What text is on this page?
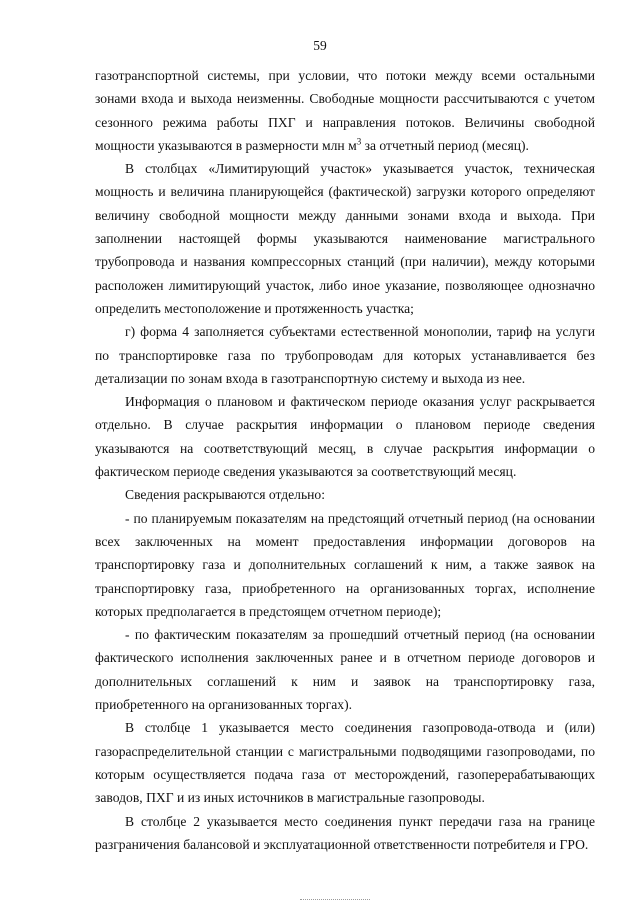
59

газотранспортной системы, при условии, что потоки между всеми остальными зонами входа и выхода неизменны. Свободные мощности рассчитываются с учетом сезонного режима работы ПХГ и направления потоков. Величины свободной мощности указываются в размерности млн $м^3$ за отчетный период (месяц).

В столбцах «Лимитирующий участок» указывается участок, техническая мощность и величина планирующейся (фактической) загрузки которого определяют величину свободной мощности между данными зонами входа и выхода. При заполнении настоящей формы указываются наименование магистрального трубопровода и названия компрессорных станций (при наличии), между которыми расположен лимитирующий участок, либо иное указание, позволяющее однозначно определить местоположение и протяженность участка;

г) форма 4 заполняется субъектами естественной монополии, тариф на услуги по транспортировке газа по трубопроводам для которых устанавливается без детализации по зонам входа в газотранспортную систему и выхода из нее.

Информация о плановом и фактическом периоде оказания услуг раскрывается отдельно. В случае раскрытия информации о плановом периоде сведения указываются на соответствующий месяц, в случае раскрытия информации о фактическом периоде сведения указываются за соответствующий месяц.

Сведения раскрываются отдельно:

- по планируемым показателям на предстоящий отчетный период (на основании всех заключенных на момент предоставления информации договоров на транспортировку газа и дополнительных соглашений к ним, а также заявок на транспортировку газа, приобретенного на организованных торгах, исполнение которых предполагается в предстоящем отчетном периоде);

- по фактическим показателям за прошедший отчетный период (на основании фактического исполнения заключенных ранее и в отчетном периоде договоров и дополнительных соглашений к ним и заявок на транспортировку газа, приобретенного на организованных торгах).

В столбце 1 указывается место соединения газопровода-отвода и (или) газораспределительной станции с магистральными подводящими газопроводами, по которым осуществляется подача газа от месторождений, газоперерабатывающих заводов, ПХГ и из иных источников в магистральные газопроводы.

В столбце 2 указывается место соединения пункт передачи газа на границе разграничения балансовой и эксплуатационной ответственности потребителя и ГРО.
